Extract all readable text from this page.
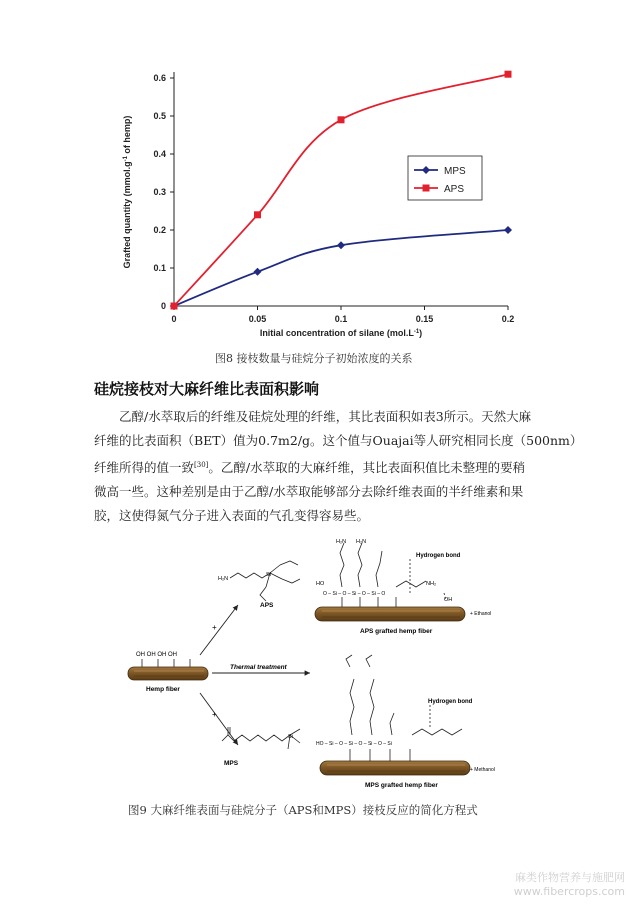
0
0.1
0.2
0.3
0.4
0.5
0.6
0	0.05	0.1	0.15	0.2
Initial concentration of silane $(mol.L^{-1})$
Grafted quantity ($mmol.g^{-1}$ of hemp)
MPS
APS
图8 接枝数量与硅烷分子初始浓度的关系
硅烷接枝对大麻纤维比表面积影响

乙醇/水萃取后的纤维及硅烷处理的纤维，其比表面积如表3所示。天然大麻

纤维的比表面积（BET）值为0.7m2/g。这个值与Ouajai等人研究相同长度（500nm）

纤维所得的值一致[30]。乙醇/水萃取的大麻纤维，其比表面积值比未整理的要稍

微高一些。这种差别是由于乙醇/水萃取能够部分去除纤维表面的半纤维素和果

胶，这使得氮气分子进入表面的气孔变得容易些。

OH OH OH OH
Hemp fiber
Thermal treatment
+
+
H₂N
Si
APS
Si
MPS
HO
O – Si – O – Si – O – Si – O
H₂N H₂N
NH₂
OH
Hydrogen bond
+ Ethanol
APS grafted hemp fiber
HO – Si – O – Si – O – Si – O – Si
Hydrogen bond
+ Methanol
MPS grafted hemp fiber
图9 大麻纤维表面与硅烷分子（APS和MPS）接枝反应的简化方程式
麻类作物营养与施肥网
www.fibercrops.com
